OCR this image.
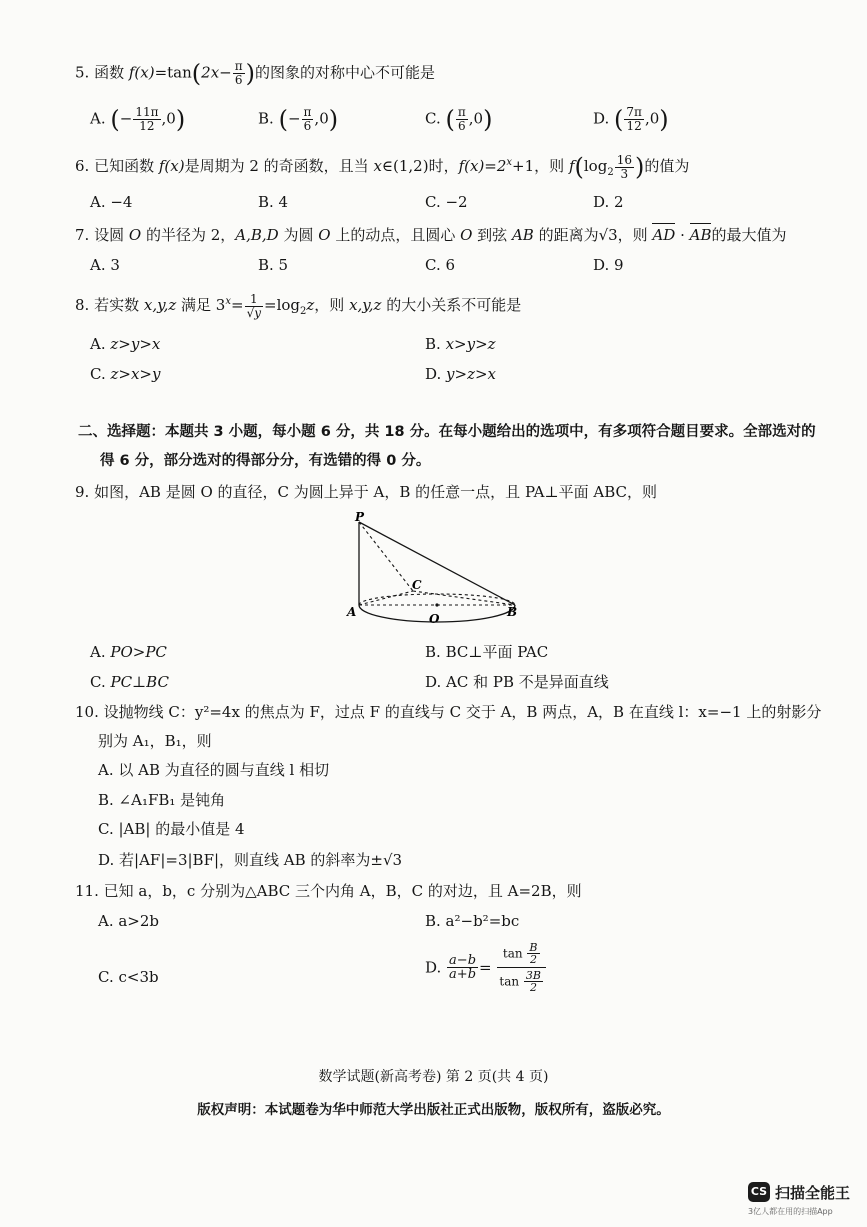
5. 函数 $f(x)=\tan(2x- \frac{\pi}{6}$ )的图象的对称中心不可能是
A. (− $\frac{11\pi}{12} ,0$)	B. (− $\frac{\pi}{6} ,0$)	C. ( $\frac{\pi}{6} ,0$)	D. ( $\frac{7\pi}{12} ,0$)
6. 已知函数 f(x)是周期为 2 的奇函数，且当 x∈(1,2)时，$f(x)=2^x+1$，则 $f(\log_2 \frac{16}{3}$ )的值为
A. −4	B. 4	C. −2	D. 2
7. 设圆 O 的半径为 2，A,B,D 为圆 O 上的动点，且圆心 O 到弦 AB 的距离为√3，则 AD · AB的最大值为
A. 3	B. 5	C. 6	D. 9
8. 若实数 x,y,z 满足 $3^x= \frac{1}{√y} =\log_2z$，则 x,y,z 的大小关系不可能是
A. z>y>x	B. x>y>z
C. z>x>y	D. y>z>x
二、选择题：本题共 3 小题，每小题 6 分，共 18 分。在每小题给出的选项中，有多项符合题目要求。全部选对的
得 6 分，部分选对的得部分分，有选错的得 0 分。
9. 如图，AB 是圆 O 的直径，C 为圆上异于 A，B 的任意一点，且 PA⊥平面 ABC，则
P
C
A	O	B
A. PO>PC	B. BC⊥平面 PAC
C. PC⊥BC	D. AC 和 PB 不是异面直线
10. 设抛物线 C：y²=4x 的焦点为 F，过点 F 的直线与 C 交于 A，B 两点，A，B 在直线 l：x=−1 上的射影分
别为 A₁，B₁，则
A. 以 AB 为直径的圆与直线 l 相切
B. ∠A₁FB₁ 是钝角
C. |AB| 的最小值是 4
D. 若|AF|=3|BF|，则直线 AB 的斜率为±√3
11. 已知 a，b，c 分别为△ABC 三个内角 A，B，C 的对边，且 A=2B，则
A. a>2b	B. a²−b²=bc
C. c<3b
D. $\frac{a-b}{a+b} = \frac{\tan \frac{B}{2}}{\tan \frac{3B}{2}}$
数学试题(新高考卷) 第 2 页(共 4 页)
版权声明：本试题卷为华中师范大学出版社正式出版物，版权所有，盗版必究。
CS 扫描全能王
3亿人都在用的扫描App
